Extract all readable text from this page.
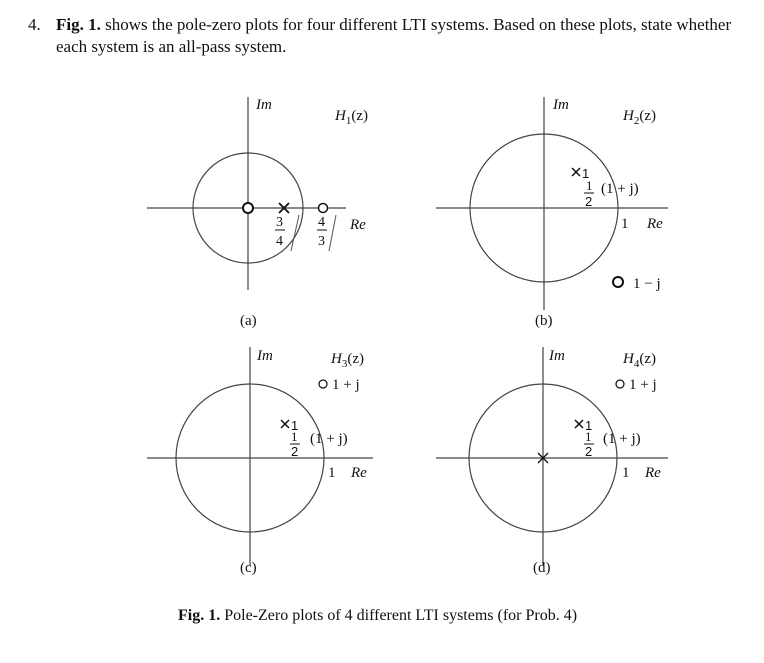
4. Fig. 1. shows the pole-zero plots for four different LTI systems. Based on these plots, state whether each system is an all-pass system.
Im
$H_1(z)$
3
4
4
3
Re
(a)
Im
$H_2(z)$
1
1
2
(1 + j)
1 Re
1 − j
(b)
Im	$H_3(z)$
1 + j
1
1
2
(1 + j)
1 Re
(c)
Im	$H_4(z)$
1 + j
1
1
2
(1 + j)
1 Re
(d)
Fig. 1. Pole-Zero plots of 4 different LTI systems (for Prob. 4)
